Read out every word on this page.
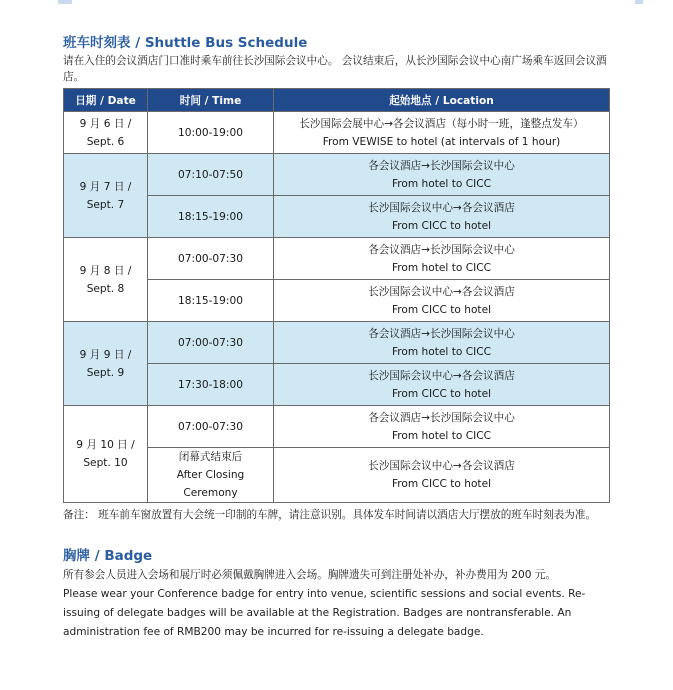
班车时刻表 / Shuttle Bus Schedule

请在入住的会议酒店门口准时乘车前往长沙国际会议中心。 会议结束后，从长沙国际会议中心南广场乘车返回会议酒店。

日期 / Date	时间 / Time	起始地点 / Location

9 月 6 日 /
Sept. 6	10:00-19:00	长沙国际会展中心→各会议酒店（每小时一班，逢整点发车）
From VEWISE to hotel (at intervals of 1 hour)

9 月 7 日 /
Sept. 7	07:10-07:50	各会议酒店→长沙国际会议中心
From hotel to CICC

	18:15-19:00	长沙国际会议中心→各会议酒店
From CICC to hotel

9 月 8 日 /
Sept. 8	07:00-07:30	各会议酒店→长沙国际会议中心
From hotel to CICC

	18:15-19:00	长沙国际会议中心→各会议酒店
From CICC to hotel

9 月 9 日 /
Sept. 9	07:00-07:30	各会议酒店→长沙国际会议中心
From hotel to CICC

	17:30-18:00	长沙国际会议中心→各会议酒店
From CICC to hotel

9 月 10 日 /
Sept. 10	07:00-07:30	各会议酒店→长沙国际会议中心
From hotel to CICC

	闭幕式结束后
After Closing Ceremony	长沙国际会议中心→各会议酒店
From CICC to hotel

备注： 班车前车窗放置有大会统一印制的车牌，请注意识别。具体发车时间请以酒店大厅摆放的班车时刻表为准。

胸牌 / Badge

所有参会人员进入会场和展厅时必须佩戴胸牌进入会场。胸牌遗失可到注册处补办，补办费用为 200 元。

Please wear your Conference badge for entry into venue, scientific sessions and social events. Re-issuing of delegate badges will be available at the Registration. Badges are nontransferable. An administration fee of RMB200 may be incurred for re-issuing a delegate badge.
